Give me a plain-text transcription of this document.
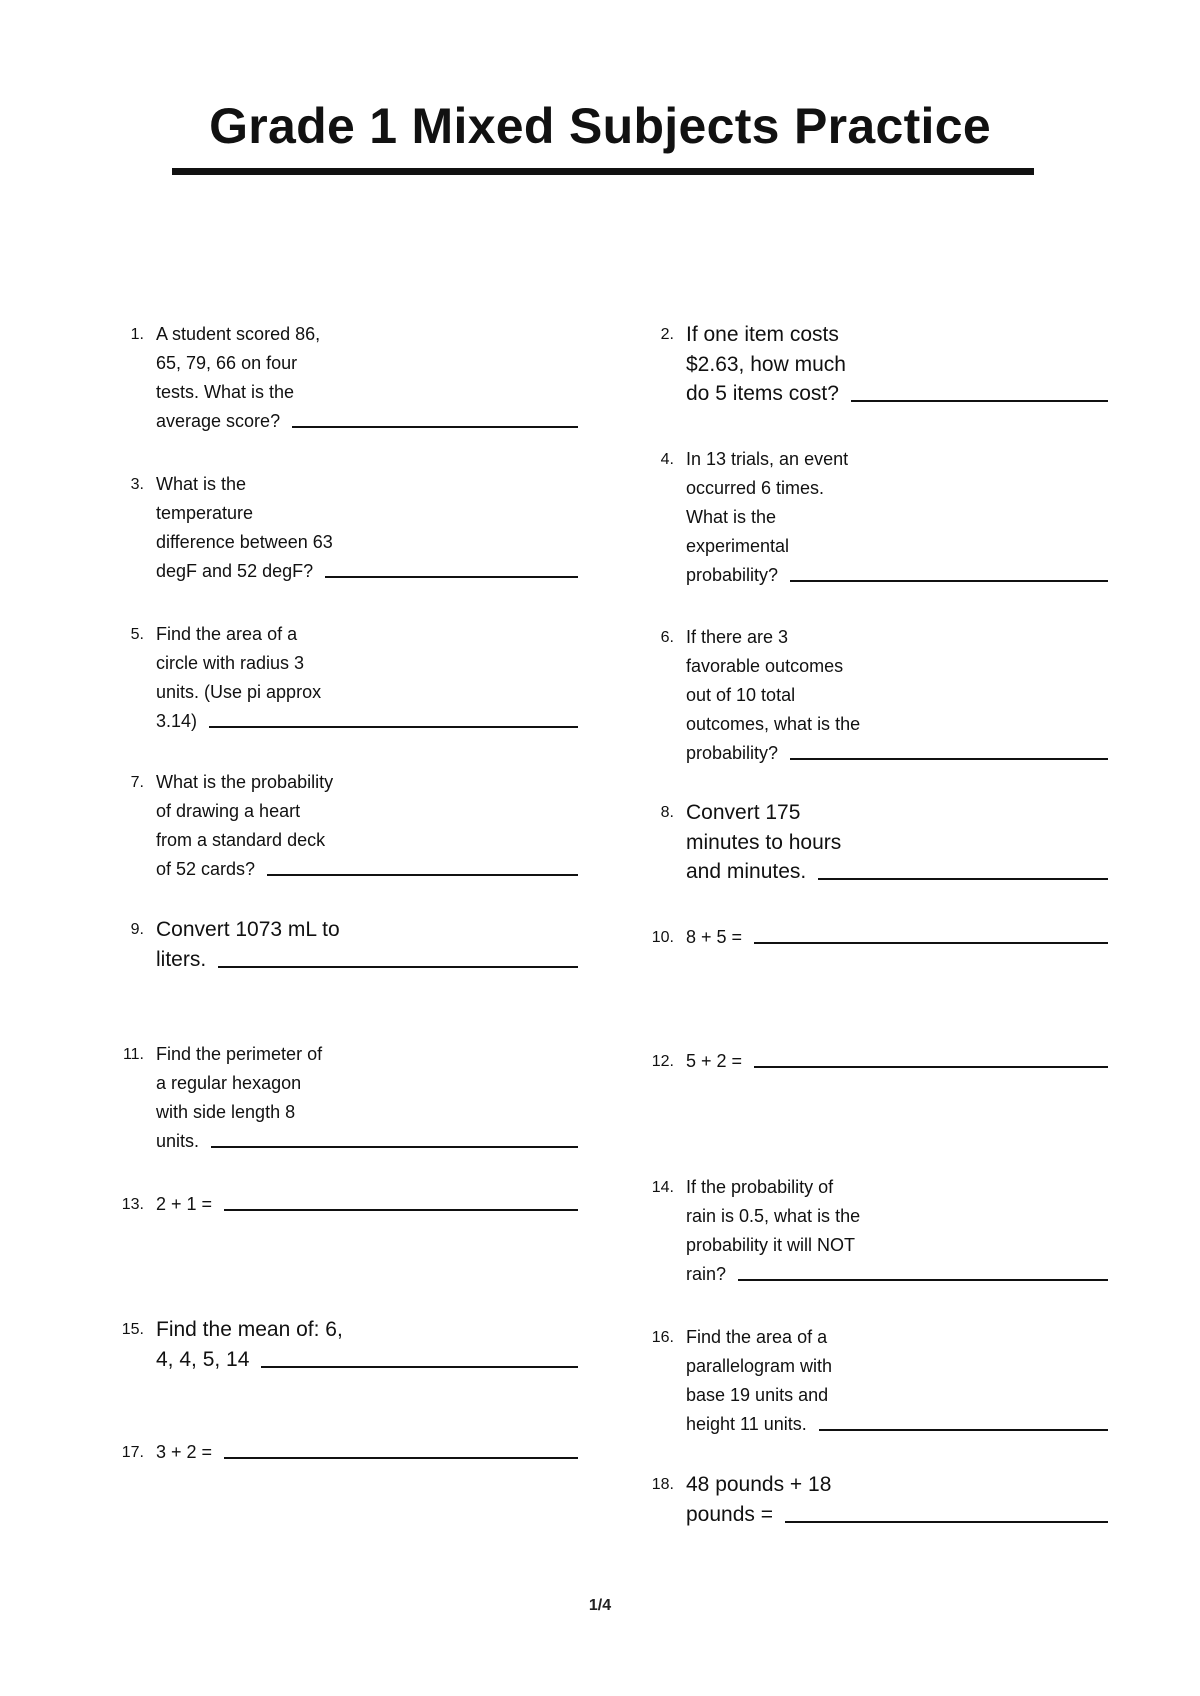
Grade 1 Mixed Subjects Practice
1. A student scored 86,
65, 79, 66 on four
tests. What is the
average score?
2. If one item costs
$2.63, how much
do 5 items cost?
3. What is the
temperature
difference between 63
degF and 52 degF?
4. In 13 trials, an event
occurred 6 times.
What is the
experimental
probability?
5. Find the area of a
circle with radius 3
units. (Use pi approx
3.14)
6. If there are 3
favorable outcomes
out of 10 total
outcomes, what is the
probability?
7. What is the probability
of drawing a heart
from a standard deck
of 52 cards?
8. Convert 175
minutes to hours
and minutes.
9. Convert 1073 mL to
liters.
10. 8 + 5 =
11. Find the perimeter of
a regular hexagon
with side length 8
units.
12. 5 + 2 =
13. 2 + 1 =
14. If the probability of
rain is 0.5, what is the
probability it will NOT
rain?
15. Find the mean of: 6,
4, 4, 5, 14
16. Find the area of a
parallelogram with
base 19 units and
height 11 units.
17. 3 + 2 =
18. 48 pounds + 18
pounds =
1/4
